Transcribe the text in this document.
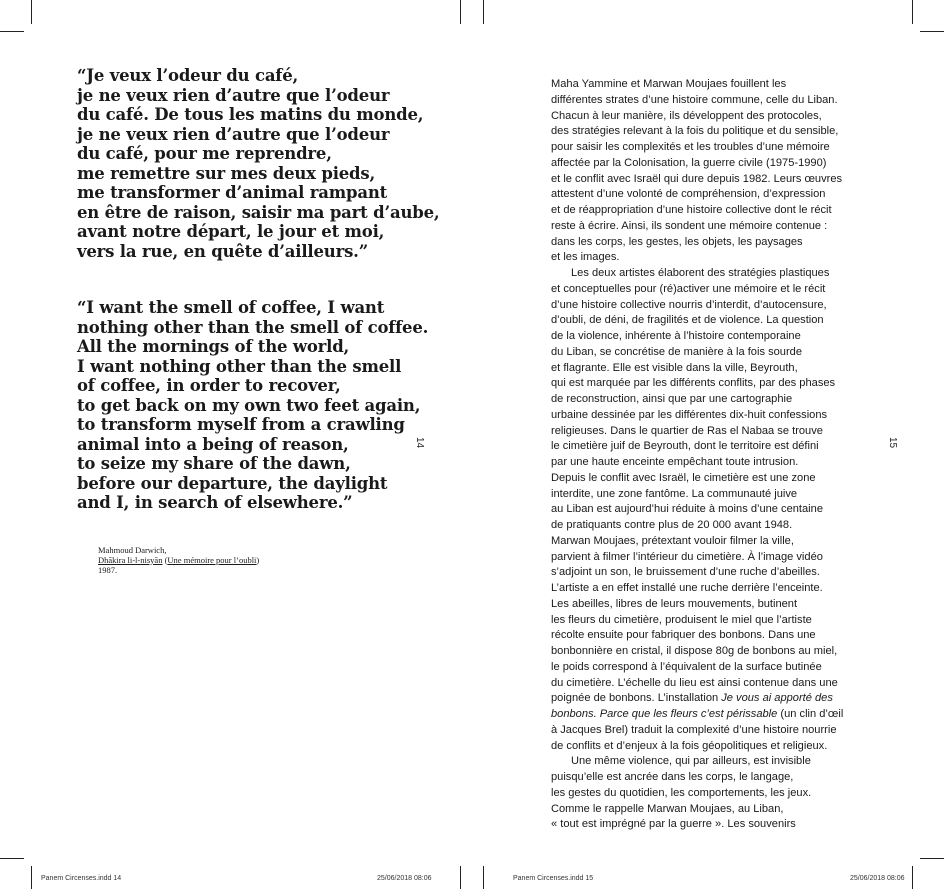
“Je veux l’odeur du café,
je ne veux rien d’autre que l’odeur
du café. De tous les matins du monde,
je ne veux rien d’autre que l’odeur
du café, pour me reprendre,
me remettre sur mes deux pieds,
me transformer d’animal rampant
en être de raison, saisir ma part d’aube,
avant notre départ, le jour et moi,
vers la rue, en quête d’ailleurs.”
“I want the smell of coffee, I want
nothing other than the smell of coffee.
All the mornings of the world,
I want nothing other than the smell
of coffee, in order to recover,
to get back on my own two feet again,
to transform myself from a crawling
animal into a being of reason,
to seize my share of the dawn,
before our departure, the daylight
and I, in search of elsewhere.”
Mahmoud Darwich,
Dhākira li-l-nisyān (Une mémoire pour l’oubli)
1987.
14	15
Maha Yammine et Marwan Moujaes fouillent les
différentes strates d’une histoire commune, celle du Liban.
Chacun à leur manière, ils développent des protocoles,
des stratégies relevant à la fois du politique et du sensible,
pour saisir les complexités et les troubles d’une mémoire
affectée par la Colonisation, la guerre civile (1975-1990)
et le conflit avec Israël qui dure depuis 1982. Leurs œuvres
attestent d’une volonté de compréhension, d’expression
et de réappropriation d’une histoire collective dont le récit
reste à écrire. Ainsi, ils sondent une mémoire contenue :
dans les corps, les gestes, les objets, les paysages
et les images.
Les deux artistes élaborent des stratégies plastiques
et conceptuelles pour (ré)activer une mémoire et le récit
d’une histoire collective nourris d’interdit, d’autocensure,
d’oubli, de déni, de fragilités et de violence. La question
de la violence, inhérente à l’histoire contemporaine
du Liban, se concrétise de manière à la fois sourde
et flagrante. Elle est visible dans la ville, Beyrouth,
qui est marquée par les différents conflits, par des phases
de reconstruction, ainsi que par une cartographie
urbaine dessinée par les différentes dix-huit confessions
religieuses. Dans le quartier de Ras el Nabaa se trouve
le cimetière juif de Beyrouth, dont le territoire est défini
par une haute enceinte empêchant toute intrusion.
Depuis le conflit avec Israël, le cimetière est une zone
interdite, une zone fantôme. La communauté juive
au Liban est aujourd’hui réduite à moins d’une centaine
de pratiquants contre plus de 20 000 avant 1948.
Marwan Moujaes, prétextant vouloir filmer la ville,
parvient à filmer l’intérieur du cimetière. À l’image vidéo
s’adjoint un son, le bruissement d’une ruche d’abeilles.
L’artiste a en effet installé une ruche derrière l’enceinte.
Les abeilles, libres de leurs mouvements, butinent
les fleurs du cimetière, produisent le miel que l’artiste
récolte ensuite pour fabriquer des bonbons. Dans une
bonbonnière en cristal, il dispose 80g de bonbons au miel,
le poids correspond à l’équivalent de la surface butinée
du cimetière. L’échelle du lieu est ainsi contenue dans une
poignée de bonbons. L’installation Je vous ai apporté des
bonbons. Parce que les fleurs c’est périssable (un clin d’œil
à Jacques Brel) traduit la complexité d’une histoire nourrie
de conflits et d’enjeux à la fois géopolitiques et religieux.
Une même violence, qui par ailleurs, est invisible
puisqu’elle est ancrée dans les corps, le langage,
les gestes du quotidien, les comportements, les jeux.
Comme le rappelle Marwan Moujaes, au Liban,
« tout est imprégné par la guerre ». Les souvenirs
Panem Circenses.indd 14	25/06/2018 08:06	Panem Circenses.indd 15	25/06/2018 08:06
